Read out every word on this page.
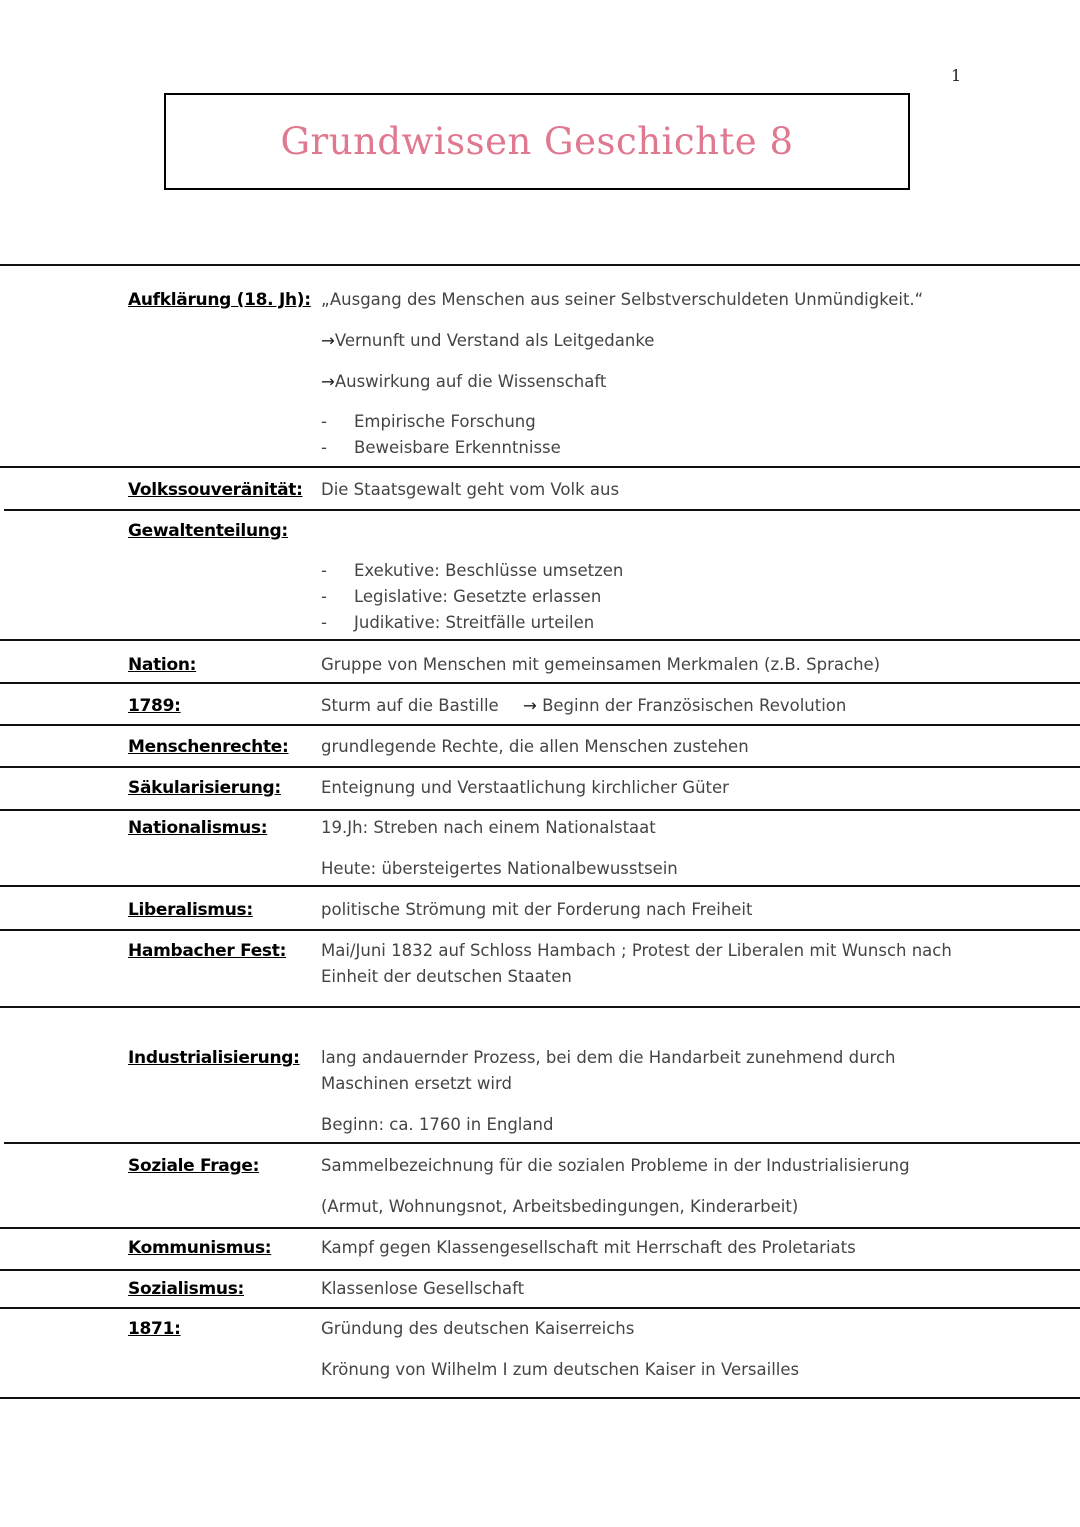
1
Grundwissen Geschichte 8
Aufklärung (18. Jh): „Ausgang des Menschen aus seiner Selbstverschuldeten Unmündigkeit.“
→Vernunft und Verstand als Leitgedanke
→Auswirkung auf die Wissenschaft
- Empirische Forschung
- Beweisbare Erkenntnisse
Volkssouveränität: Die Staatsgewalt geht vom Volk aus
Gewaltenteilung:
- Exekutive: Beschlüsse umsetzen
- Legislative: Gesetzte erlassen
- Judikative: Streitfälle urteilen
Nation:	Gruppe von Menschen mit gemeinsamen Merkmalen (z.B. Sprache)
1789:	Sturm auf die Bastille → Beginn der Französischen Revolution
Menschenrechte: grundlegende Rechte, die allen Menschen zustehen
Säkularisierung: Enteignung und Verstaatlichung kirchlicher Güter
Nationalismus:	19.Jh: Streben nach einem Nationalstaat
Heute: übersteigertes Nationalbewusstsein
Liberalismus:	politische Strömung mit der Forderung nach Freiheit
Hambacher Fest: Mai/Juni 1832 auf Schloss Hambach ; Protest der Liberalen mit Wunsch nach
Einheit der deutschen Staaten
Industrialisierung: lang andauernder Prozess, bei dem die Handarbeit zunehmend durch
Maschinen ersetzt wird
Beginn: ca. 1760 in England
Soziale Frage:	Sammelbezeichnung für die sozialen Probleme in der Industrialisierung
(Armut, Wohnungsnot, Arbeitsbedingungen, Kinderarbeit)
Kommunismus:	Kampf gegen Klassengesellschaft mit Herrschaft des Proletariats
Sozialismus:	Klassenlose Gesellschaft
1871:	Gründung des deutschen Kaiserreichs
Krönung von Wilhelm I zum deutschen Kaiser in Versailles
